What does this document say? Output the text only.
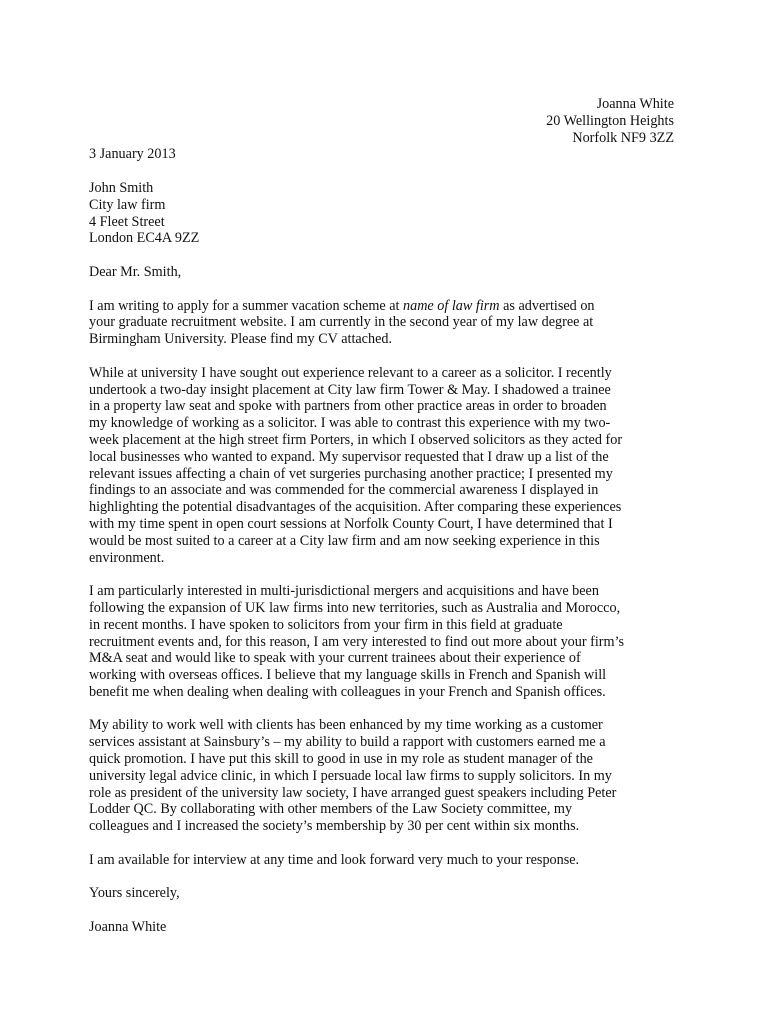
Joanna White
20 Wellington Heights
Norfolk NF9 3ZZ
3 January 2013
John Smith
City law firm
4 Fleet Street
London EC4A 9ZZ
Dear Mr. Smith,

I am writing to apply for a summer vacation scheme at name of law firm as advertised on
your graduate recruitment website. I am currently in the second year of my law degree at
Birmingham University. Please find my CV attached.

While at university I have sought out experience relevant to a career as a solicitor. I recently
undertook a two-day insight placement at City law firm Tower & May. I shadowed a trainee
in a property law seat and spoke with partners from other practice areas in order to broaden
my knowledge of working as a solicitor. I was able to contrast this experience with my two-
week placement at the high street firm Porters, in which I observed solicitors as they acted for
local businesses who wanted to expand. My supervisor requested that I draw up a list of the
relevant issues affecting a chain of vet surgeries purchasing another practice; I presented my
findings to an associate and was commended for the commercial awareness I displayed in
highlighting the potential disadvantages of the acquisition. After comparing these experiences
with my time spent in open court sessions at Norfolk County Court, I have determined that I
would be most suited to a career at a City law firm and am now seeking experience in this
environment.

I am particularly interested in multi-jurisdictional mergers and acquisitions and have been
following the expansion of UK law firms into new territories, such as Australia and Morocco,
in recent months. I have spoken to solicitors from your firm in this field at graduate
recruitment events and, for this reason, I am very interested to find out more about your firm’s
M&A seat and would like to speak with your current trainees about their experience of
working with overseas offices. I believe that my language skills in French and Spanish will
benefit me when dealing when dealing with colleagues in your French and Spanish offices.

My ability to work well with clients has been enhanced by my time working as a customer
services assistant at Sainsbury’s – my ability to build a rapport with customers earned me a
quick promotion. I have put this skill to good in use in my role as student manager of the
university legal advice clinic, in which I persuade local law firms to supply solicitors. In my
role as president of the university law society, I have arranged guest speakers including Peter
Lodder QC. By collaborating with other members of the Law Society committee, my
colleagues and I increased the society’s membership by 30 per cent within six months.

I am available for interview at any time and look forward very much to your response.

Yours sincerely,
Joanna White
